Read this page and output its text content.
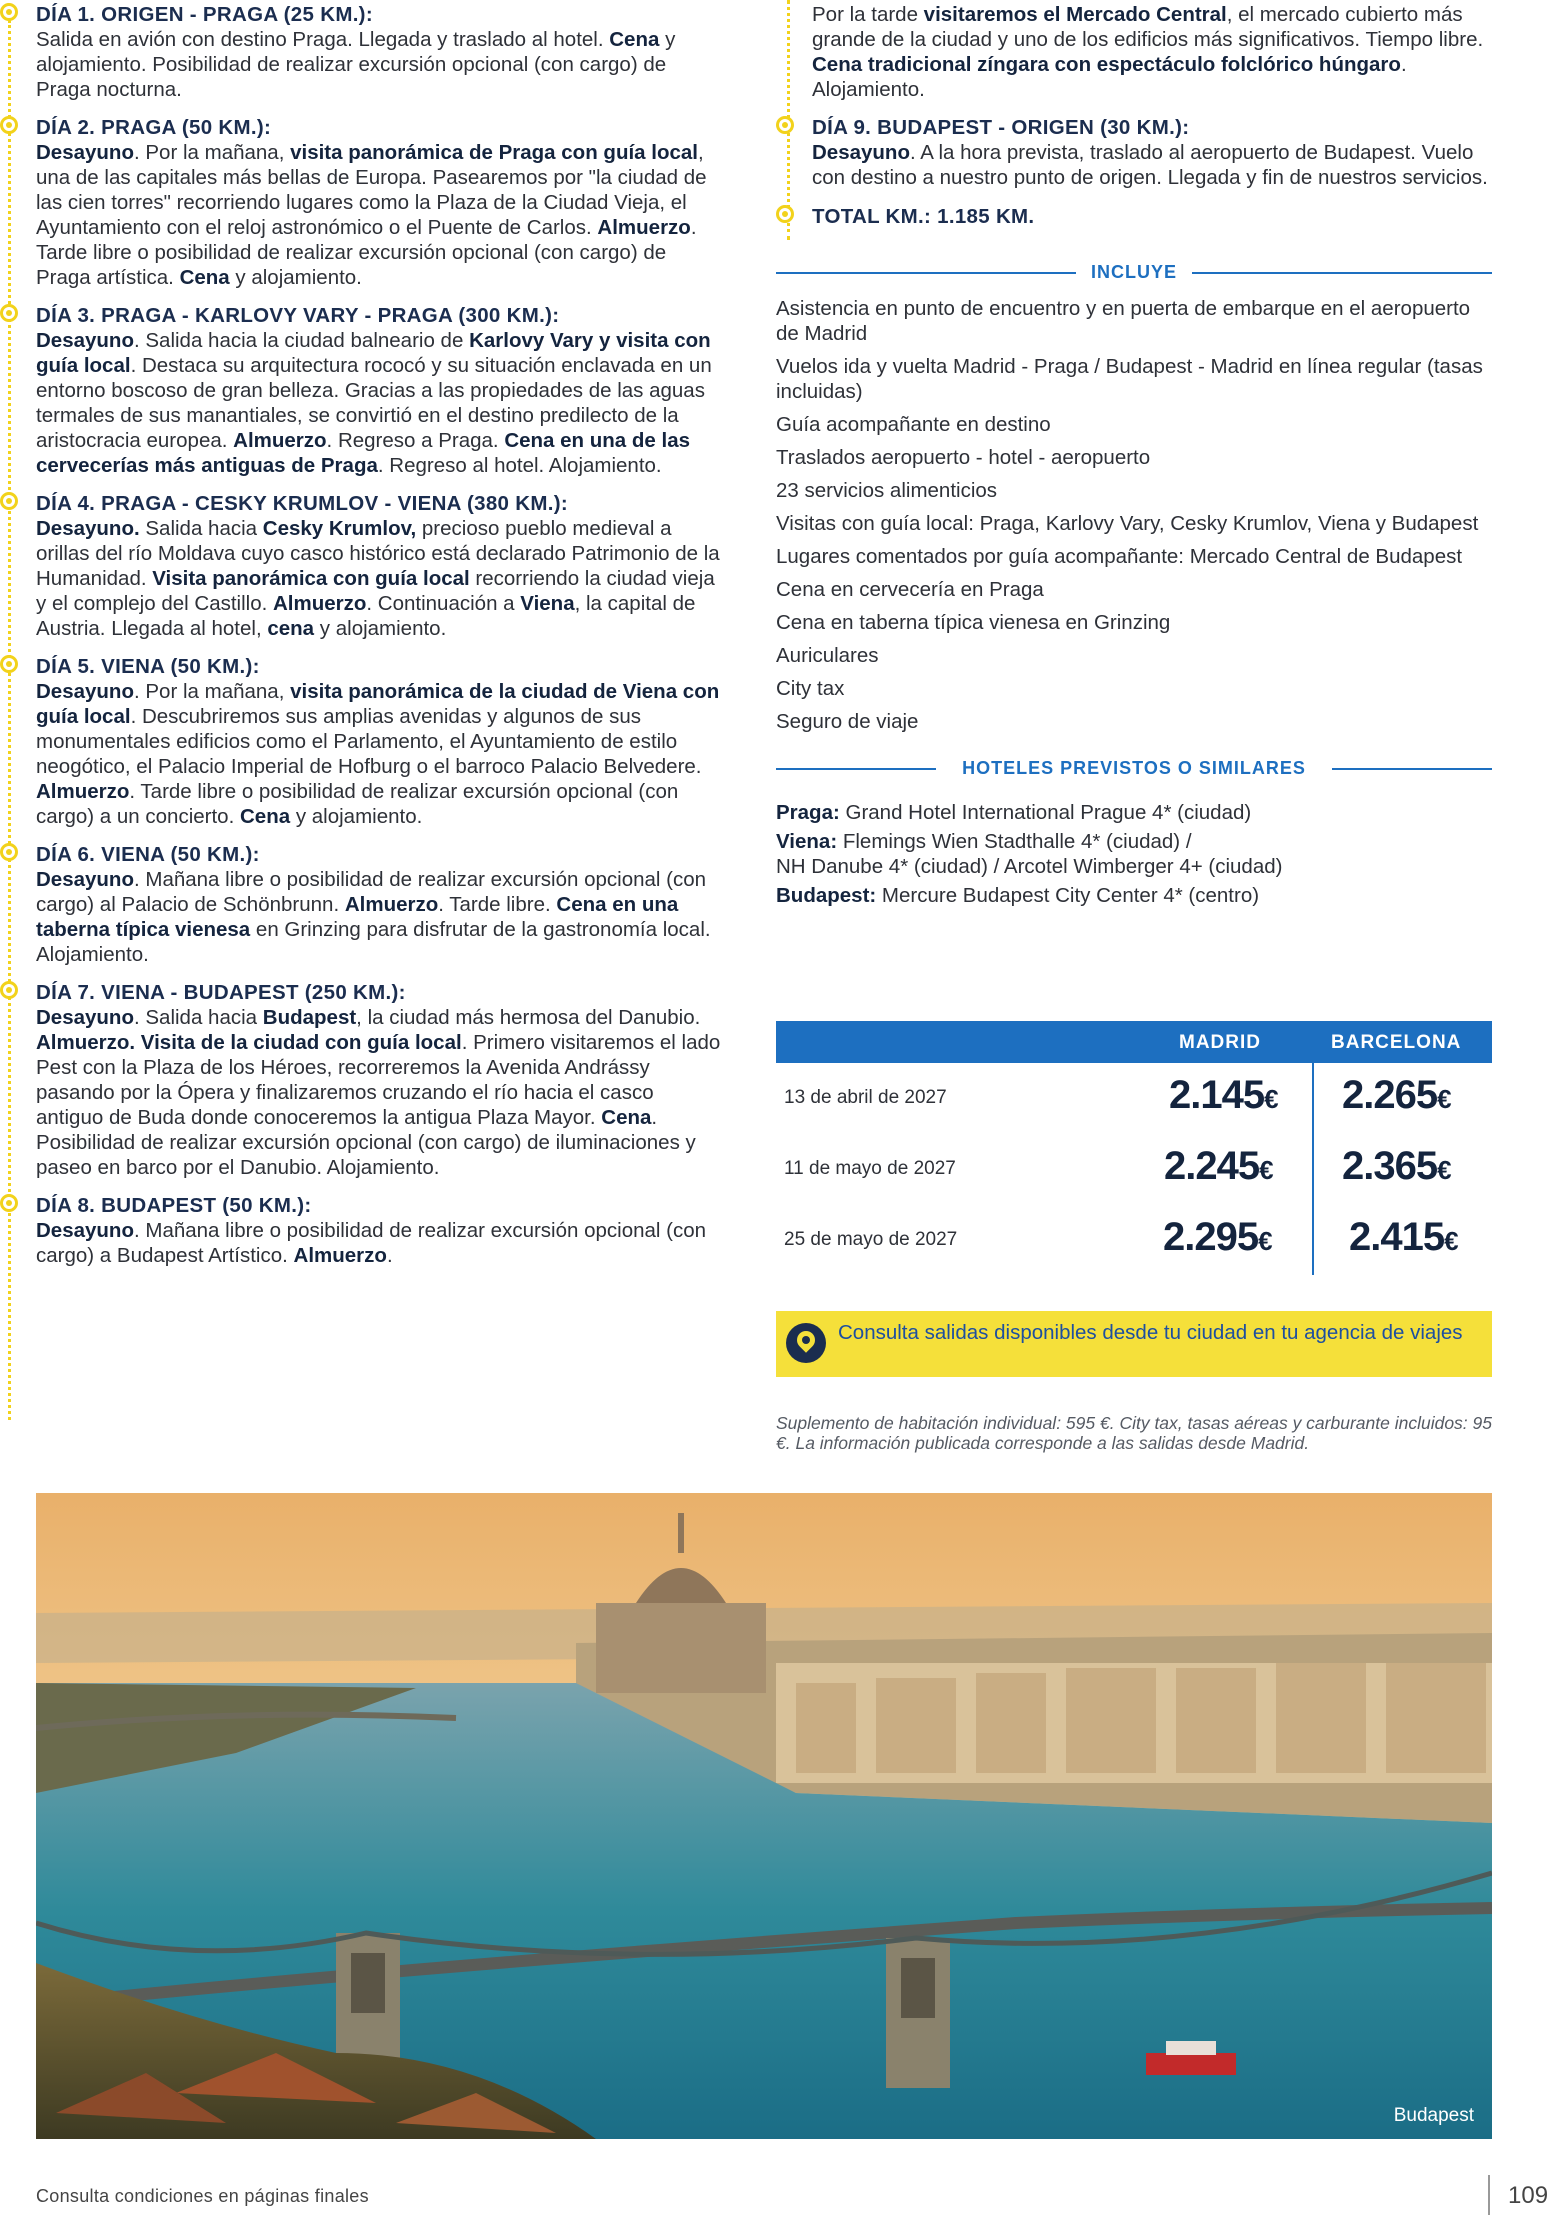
DÍA 1. ORIGEN - PRAGA (25 KM.):

Salida en avión con destino Praga. Llegada y traslado al hotel. Cena y alojamiento. Posibilidad de realizar excursión opcional (con cargo) de Praga nocturna.

DÍA 2. PRAGA (50 KM.):

Desayuno. Por la mañana, visita panorámica de Praga con guía local, una de las capitales más bellas de Europa. Pasearemos por "la ciudad de las cien torres" recorriendo lugares como la Plaza de la Ciudad Vieja, el Ayuntamiento con el reloj astronómico o el Puente de Carlos. Almuerzo. Tarde libre o posibilidad de realizar excursión opcional (con cargo) de Praga artística. Cena y alojamiento.

DÍA 3. PRAGA - KARLOVY VARY - PRAGA (300 KM.):

Desayuno. Salida hacia la ciudad balneario de Karlovy Vary y visita con guía local. Destaca su arquitectura rococó y su situación enclavada en un entorno boscoso de gran belleza. Gracias a las propiedades de las aguas termales de sus manantiales, se convirtió en el destino predilecto de la aristocracia europea. Almuerzo. Regreso a Praga. Cena en una de las cervecerías más antiguas de Praga. Regreso al hotel. Alojamiento.

DÍA 4. PRAGA - CESKY KRUMLOV - VIENA (380 KM.):

Desayuno. Salida hacia Cesky Krumlov, precioso pueblo medieval a orillas del río Moldava cuyo casco histórico está declarado Patrimonio de la Humanidad. Visita panorámica con guía local recorriendo la ciudad vieja y el complejo del Castillo. Almuerzo. Continuación a Viena, la capital de Austria. Llegada al hotel, cena y alojamiento.

DÍA 5. VIENA (50 KM.):

Desayuno. Por la mañana, visita panorámica de la ciudad de Viena con guía local. Descubriremos sus amplias avenidas y algunos de sus monumentales edificios como el Parlamento, el Ayuntamiento de estilo neogótico, el Palacio Imperial de Hofburg o el barroco Palacio Belvedere. Almuerzo. Tarde libre o posibilidad de realizar excursión opcional (con cargo) a un concierto. Cena y alojamiento.

DÍA 6. VIENA (50 KM.):

Desayuno. Mañana libre o posibilidad de realizar excursión opcional (con cargo) al Palacio de Schönbrunn. Almuerzo. Tarde libre. Cena en una taberna típica vienesa en Grinzing para disfrutar de la gastronomía local. Alojamiento.

DÍA 7. VIENA - BUDAPEST (250 KM.):

Desayuno. Salida hacia Budapest, la ciudad más hermosa del Danubio. Almuerzo. Visita de la ciudad con guía local. Primero visitaremos el lado Pest con la Plaza de los Héroes, recorreremos la Avenida Andrássy pasando por la Ópera y finalizaremos cruzando el río hacia el casco antiguo de Buda donde conoceremos la antigua Plaza Mayor. Cena. Posibilidad de realizar excursión opcional (con cargo) de iluminaciones y paseo en barco por el Danubio. Alojamiento.

DÍA 8. BUDAPEST (50 KM.):

Desayuno. Mañana libre o posibilidad de realizar excursión opcional (con cargo) a Budapest Artístico. Almuerzo.

Por la tarde visitaremos el Mercado Central, el mercado cubierto más grande de la ciudad y uno de los edificios más significativos. Tiempo libre. Cena tradicional zíngara con espectáculo folclórico húngaro. Alojamiento.

DÍA 9. BUDAPEST - ORIGEN (30 KM.):

Desayuno. A la hora prevista, traslado al aeropuerto de Budapest. Vuelo con destino a nuestro punto de origen. Llegada y fin de nuestros servicios.

TOTAL KM.: 1.185 KM.

INCLUYE

Asistencia en punto de encuentro y en puerta de embarque en el aeropuerto de Madrid

Vuelos ida y vuelta Madrid - Praga / Budapest - Madrid en línea regular (tasas incluidas)

Guía acompañante en destino

Traslados aeropuerto - hotel - aeropuerto

23 servicios alimenticios

Visitas con guía local: Praga, Karlovy Vary, Cesky Krumlov, Viena y Budapest

Lugares comentados por guía acompañante: Mercado Central de Budapest

Cena en cervecería en Praga

Cena en taberna típica vienesa en Grinzing

Auriculares

City tax

Seguro de viaje

HOTELES PREVISTOS O SIMILARES

Praga: Grand Hotel International Prague 4* (ciudad)

Viena: Flemings Wien Stadthalle 4* (ciudad) /

NH Danube 4* (ciudad) / Arcotel Wimberger 4+ (ciudad)

Budapest: Mercure Budapest City Center 4* (centro)

MADRID	BARCELONA
13 de abril de 2027	2.145€ 2.265€
11 de mayo de 2027	2.245€ 2.365€
25 de mayo de 2027	2.295€ 2.415€
Consulta salidas disponibles desde tu ciudad en tu agencia de viajes

Suplemento de habitación individual: 595 €. City tax, tasas aéreas y carburante incluidos: 95 €. La información publicada corresponde a las salidas desde Madrid.

Budapest
Consulta condiciones en páginas finales	109
